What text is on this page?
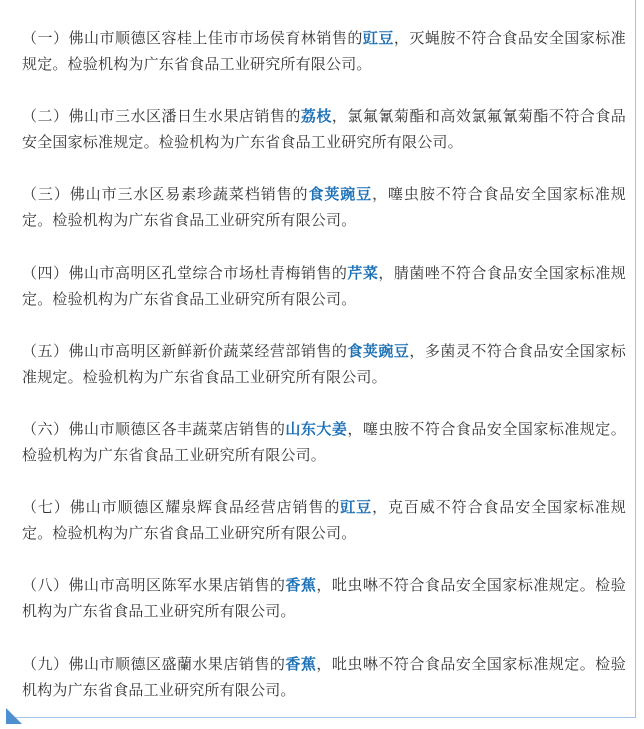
（一）佛山市顺德区容桂上佳市市场侯育林销售的豇豆，灭蝇胺不符合食品安全国家标准规定。检验机构为广东省食品工业研究所有限公司。

（二）佛山市三水区潘日生水果店销售的荔枝，氯氟氰菊酯和高效氯氟氰菊酯不符合食品安全国家标准规定。检验机构为广东省食品工业研究所有限公司。

（三）佛山市三水区易素珍蔬菜档销售的食荚豌豆，噻虫胺不符合食品安全国家标准规定。检验机构为广东省食品工业研究所有限公司。

（四）佛山市高明区孔堂综合市场杜青梅销售的芹菜，腈菌唑不符合食品安全国家标准规定。检验机构为广东省食品工业研究所有限公司。

（五）佛山市高明区新鲜新价蔬菜经营部销售的食荚豌豆，多菌灵不符合食品安全国家标准规定。检验机构为广东省食品工业研究所有限公司。

（六）佛山市顺德区各丰蔬菜店销售的山东大姜，噻虫胺不符合食品安全国家标准规定。检验机构为广东省食品工业研究所有限公司。

（七）佛山市顺德区耀泉辉食品经营店销售的豇豆，克百威不符合食品安全国家标准规定。检验机构为广东省食品工业研究所有限公司。

（八）佛山市高明区陈军水果店销售的香蕉，吡虫啉不符合食品安全国家标准规定。检验机构为广东省食品工业研究所有限公司。

（九）佛山市顺德区盛蘭水果店销售的香蕉，吡虫啉不符合食品安全国家标准规定。检验机构为广东省食品工业研究所有限公司。
